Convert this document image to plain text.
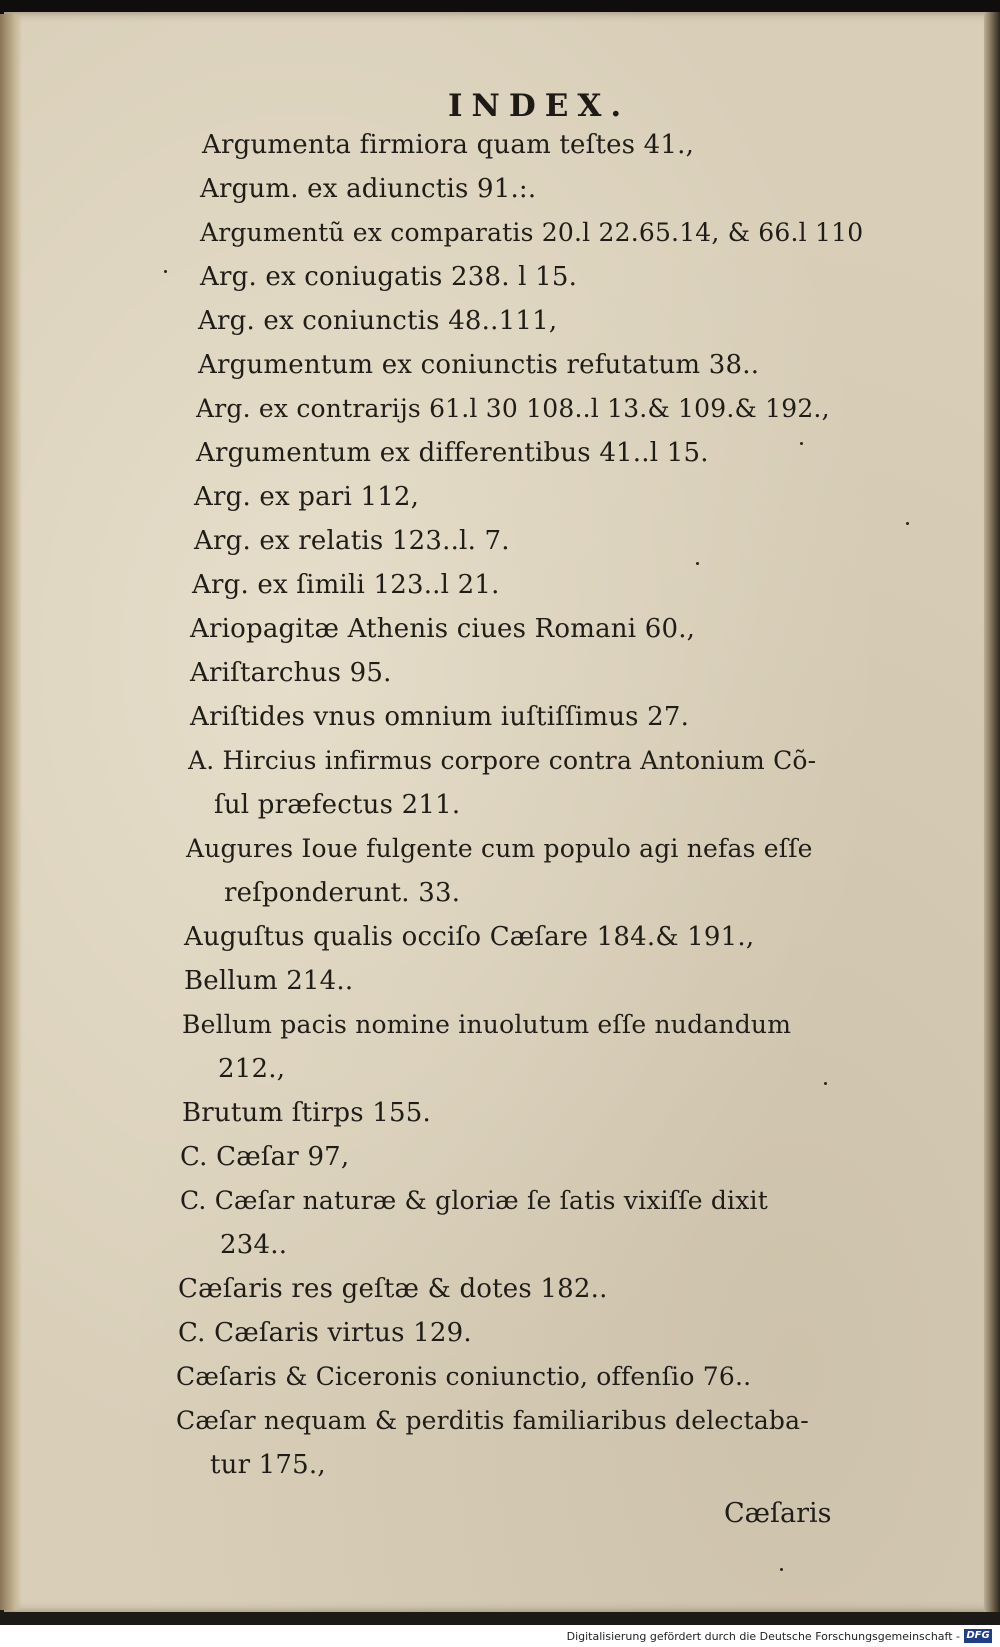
INDEX.
Argumenta firmiora quam teſtes 41.,
Argum. ex adiunctis 91.:.
Argumentũ ex comparatis 20.l 22.65.14, & 66.l 110
Arg. ex coniugatis 238. l 15.
Arg. ex coniunctis 48..111,
Argumentum ex coniunctis refutatum 38..
Arg. ex contrarijs 61.l 30 108..l 13.& 109.& 192.,
Argumentum ex differentibus 41..l 15.
Arg. ex pari 112,
Arg. ex relatis 123..l. 7.
Arg. ex ſimili 123..l 21.
Ariopagitæ Athenis ciues Romani 60.,
Ariſtarchus 95.
Ariſtides vnus omnium iuſtiſſimus 27.
A. Hircius infirmus corpore contra Antonium Cõ-
ſul præfectus 211.
Augures Ioue fulgente cum populo agi nefas eſſe
reſponderunt. 33.
Auguſtus qualis occiſo Cæſare 184.& 191.,
Bellum 214..
Bellum pacis nomine inuolutum eſſe nudandum
212.,
Brutum ſtirps 155.
C. Cæſar 97,
C. Cæſar naturæ & gloriæ ſe ſatis vixiſſe dixit
234..
Cæſaris res geſtæ & dotes 182..
C. Cæſaris virtus 129.
Cæſaris & Ciceronis coniunctio, offenſio 76..
Cæſar nequam & perditis familiaribus delectaba-
tur 175.,
Cæſaris
Digitalisierung gefördert durch die Deutsche Forschungsgemeinschaft - DFG
